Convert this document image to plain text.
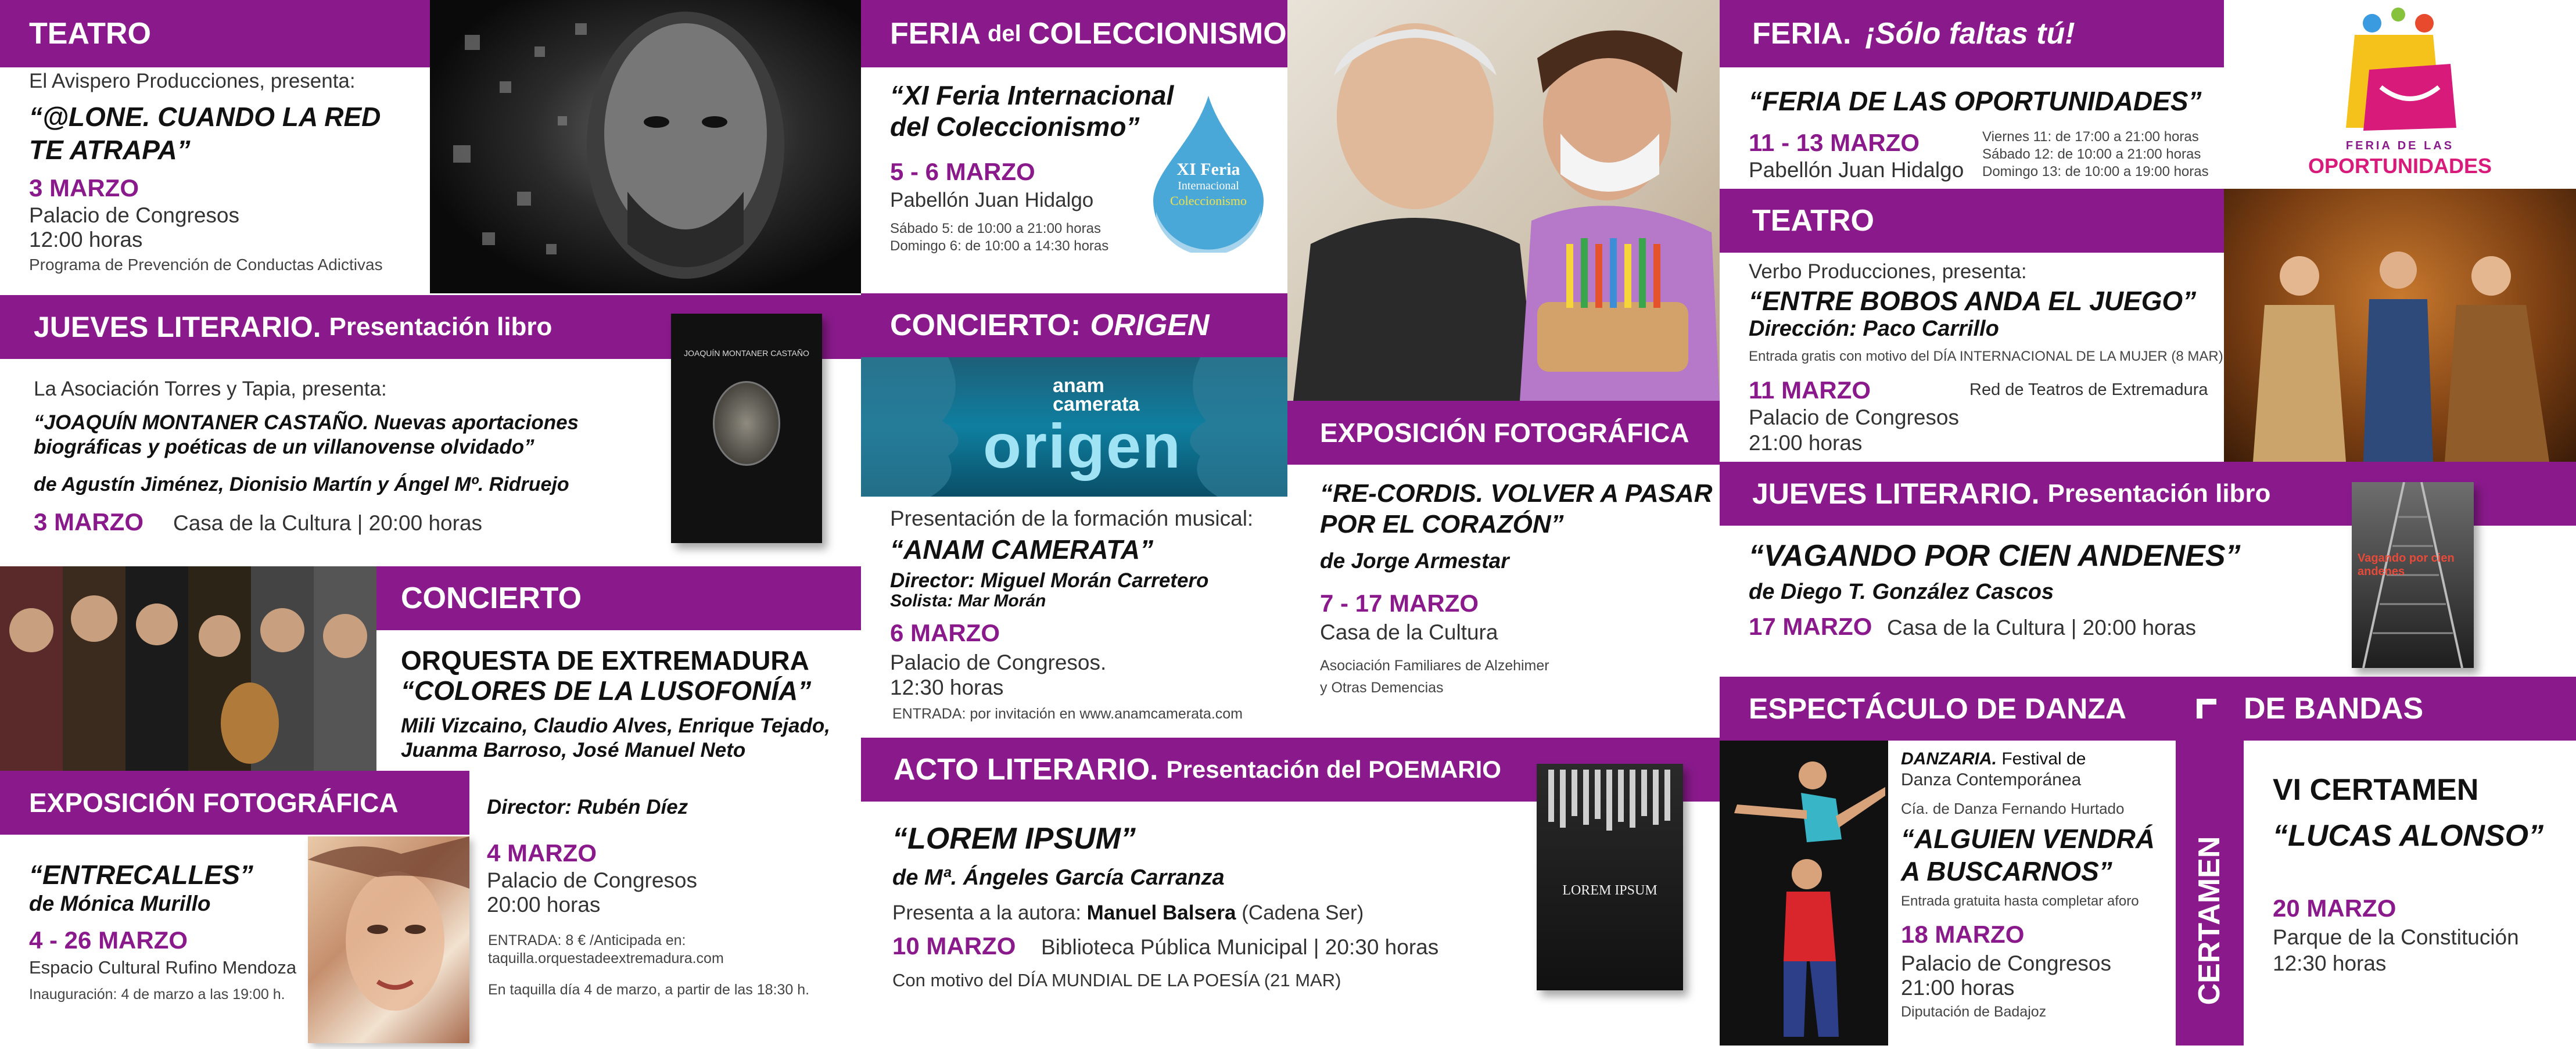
TEATRO
El Avispero Producciones, presenta:
“@LONE. CUANDO LA RED
TE ATRAPA”
3 MARZO
Palacio de Congresos
12:00 horas
Programa de Prevención de Conductas Adictivas
JUEVES LITERARIO. Presentación libro
JOAQUÍN MONTANER CASTAÑO
La Asociación Torres y Tapia, presenta:
“JOAQUÍN MONTANER CASTAÑO. Nuevas aportaciones
biográficas y poéticas de un villanovense olvidado”
de Agustín Jiménez, Dionisio Martín y Ángel Mº. Ridruejo
3 MARZO Casa de la Cultura | 20:00 horas
CONCIERTO
ORQUESTA DE EXTREMADURA
“COLORES DE LA LUSOFONÍA”
Mili Vizcaino, Claudio Alves, Enrique Tejado,
Juanma Barroso, José Manuel Neto
Director: Rubén Díez
4 MARZO
Palacio de Congresos
20:00 horas
ENTRADA: 8 € /Anticipada en:
taquilla.orquestadeextremadura.com
En taquilla día 4 de marzo, a partir de las 18:30 h.
EXPOSICIÓN FOTOGRÁFICA
“ENTRECALLES”
de Mónica Murillo
4 - 26 MARZO
Espacio Cultural Rufino Mendoza
Inauguración: 4 de marzo a las 19:00 h.
FERIA del COLECCIONISMO
“XI Feria Internacional
del Coleccionismo”
5 - 6 MARZO
Pabellón Juan Hidalgo
Sábado 5: de 10:00 a 21:00 horas
Domingo 6: de 10:00 a 14:30 horas
XI Feria
Internacional
Coleccionismo
CONCIERTO: ORIGEN
anam
camerata
origen
Presentación de la formación musical:
“ANAM CAMERATA”
Director: Miguel Morán Carretero
Solista: Mar Morán
6 MARZO
Palacio de Congresos.
12:30 horas
ENTRADA: por invitación en www.anamcamerata.com
ACTO LITERARIO. Presentación del POEMARIO
LOREM IPSUM
“LOREM IPSUM”
de Mª. Ángeles García Carranza
Presenta a la autora: Manuel Balsera (Cadena Ser)
10 MARZO Biblioteca Pública Municipal | 20:30 horas
Con motivo del DÍA MUNDIAL DE LA POESÍA (21 MAR)
EXPOSICIÓN FOTOGRÁFICA
“RE-CORDIS. VOLVER A PASAR
POR EL CORAZÓN”
de Jorge Armestar
7 - 17 MARZO
Casa de la Cultura
Asociación Familiares de Alzehimer
y Otras Demencias
FERIA. ¡Sólo faltas tú!
FERIA DE LAS
OPORTUNIDADES
“FERIA DE LAS OPORTUNIDADES”
11 - 13 MARZO
Pabellón Juan Hidalgo
Viernes 11: de 17:00 a 21:00 horas
Sábado 12: de 10:00 a 21:00 horas
Domingo 13: de 10:00 a 19:00 horas
TEATRO
Verbo Producciones, presenta:
“ENTRE BOBOS ANDA EL JUEGO”
Dirección: Paco Carrillo
Entrada gratis con motivo del DÍA INTERNACIONAL DE LA MUJER (8 MAR)
11 MARZO	Red de Teatros de Extremadura
Palacio de Congresos
21:00 horas
JUEVES LITERARIO. Presentación libro
Vagando por cien andenes
“VAGANDO POR CIEN ANDENES”
de Diego T. González Cascos
17 MARZO Casa de la Cultura | 20:00 horas
ESPECTÁCULO DE DANZA
DANZARIA. Festival de
Danza Contemporánea
Cía. de Danza Fernando Hurtado
“ALGUIEN VENDRÁ
A BUSCARNOS”
Entrada gratuita hasta completar aforo
18 MARZO
Palacio de Congresos
21:00 horas
Diputación de Badajoz
CERTAMEN
DE BANDAS
VI CERTAMEN
“LUCAS ALONSO”
20 MARZO
Parque de la Constitución
12:30 horas
